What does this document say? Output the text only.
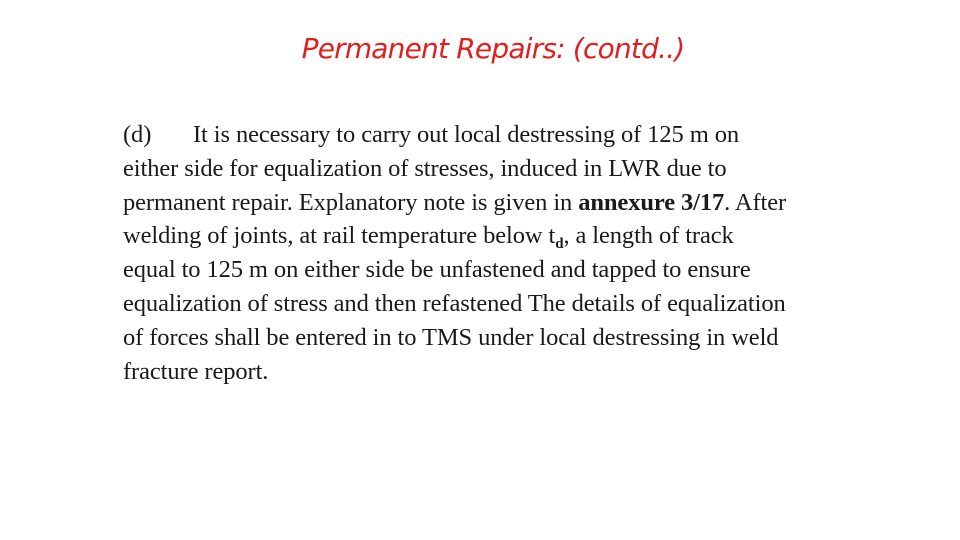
Permanent Repairs: (contd..)
(d) It is necessary to carry out local destressing of 125 m on
either side for equalization of stresses, induced in LWR due to
permanent repair. Explanatory note is given in annexure 3/17. After
welding of joints, at rail temperature below $t_d$, a length of track
equal to 125 m on either side be unfastened and tapped to ensure
equalization of stress and then refastened The details of equalization
of forces shall be entered in to TMS under local destressing in weld
fracture report.
